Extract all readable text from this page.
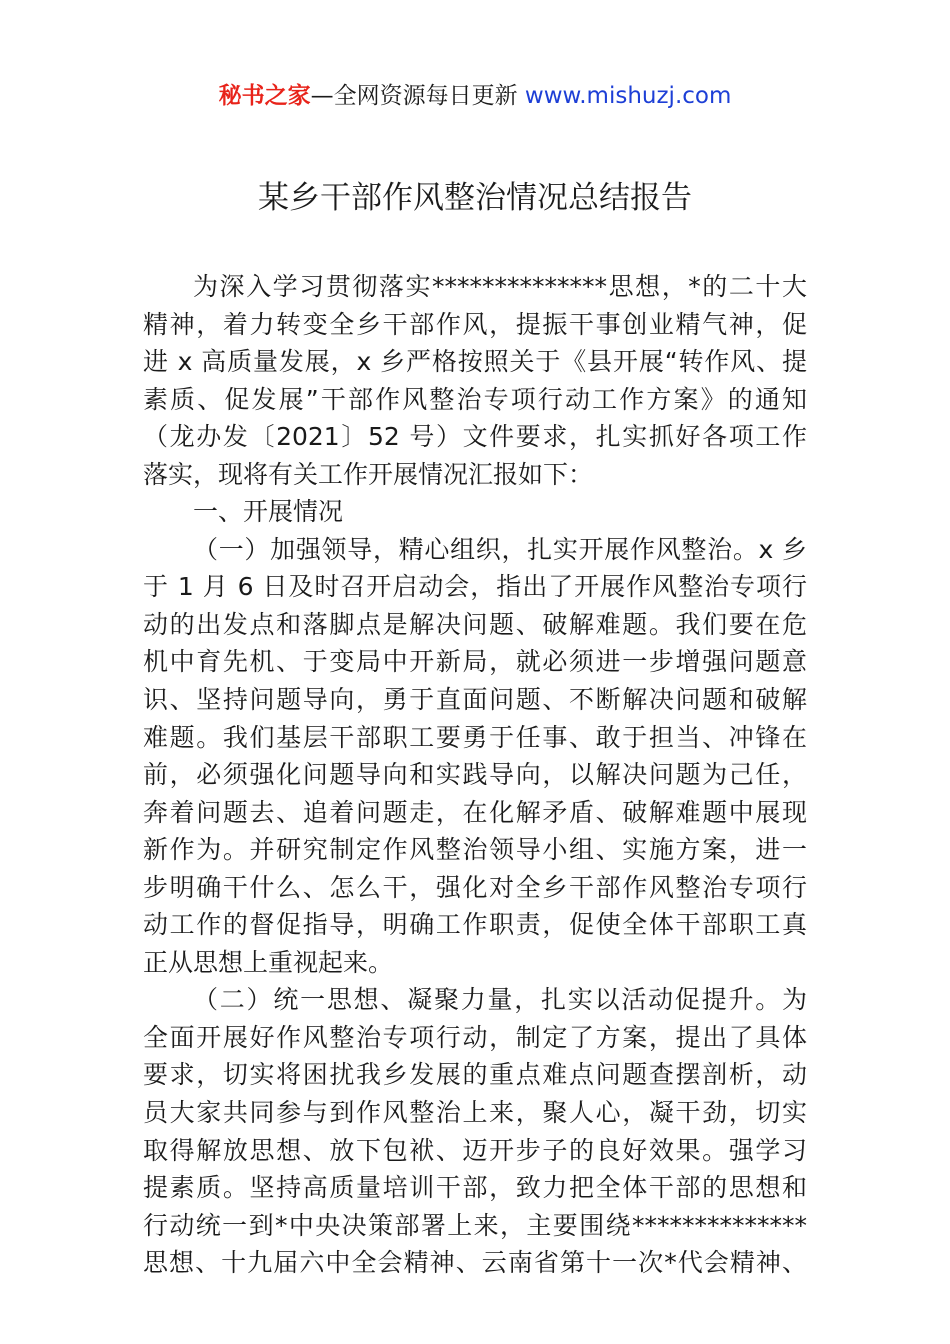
秘书之家—全网资源每日更新 www.mishuzj.com
某乡干部作风整治情况总结报告
为深入学习贯彻落实**************思想，*的二十大
精神，着力转变全乡干部作风，提振干事创业精气神，促
进 x 高质量发展，x 乡严格按照关于《县开展“转作风、提
素质、促发展”干部作风整治专项行动工作方案》的通知
（龙办发〔2021〕52 号）文件要求，扎实抓好各项工作
落实，现将有关工作开展情况汇报如下：
一、开展情况
（一）加强领导，精心组织，扎实开展作风整治。x 乡
于 1 月 6 日及时召开启动会，指出了开展作风整治专项行
动的出发点和落脚点是解决问题、破解难题。我们要在危
机中育先机、于变局中开新局，就必须进一步增强问题意
识、坚持问题导向，勇于直面问题、不断解决问题和破解
难题。我们基层干部职工要勇于任事、敢于担当、冲锋在
前，必须强化问题导向和实践导向，以解决问题为己任，
奔着问题去、追着问题走，在化解矛盾、破解难题中展现
新作为。并研究制定作风整治领导小组、实施方案，进一
步明确干什么、怎么干，强化对全乡干部作风整治专项行
动工作的督促指导，明确工作职责，促使全体干部职工真
正从思想上重视起来。
（二）统一思想、凝聚力量，扎实以活动促提升。为
全面开展好作风整治专项行动，制定了方案，提出了具体
要求，切实将困扰我乡发展的重点难点问题查摆剖析，动
员大家共同参与到作风整治上来，聚人心，凝干劲，切实
取得解放思想、放下包袱、迈开步子的良好效果。强学习
提素质。坚持高质量培训干部，致力把全体干部的思想和
行动统一到*中央决策部署上来，主要围绕**************
思想、十九届六中全会精神、云南省第十一次*代会精神、
